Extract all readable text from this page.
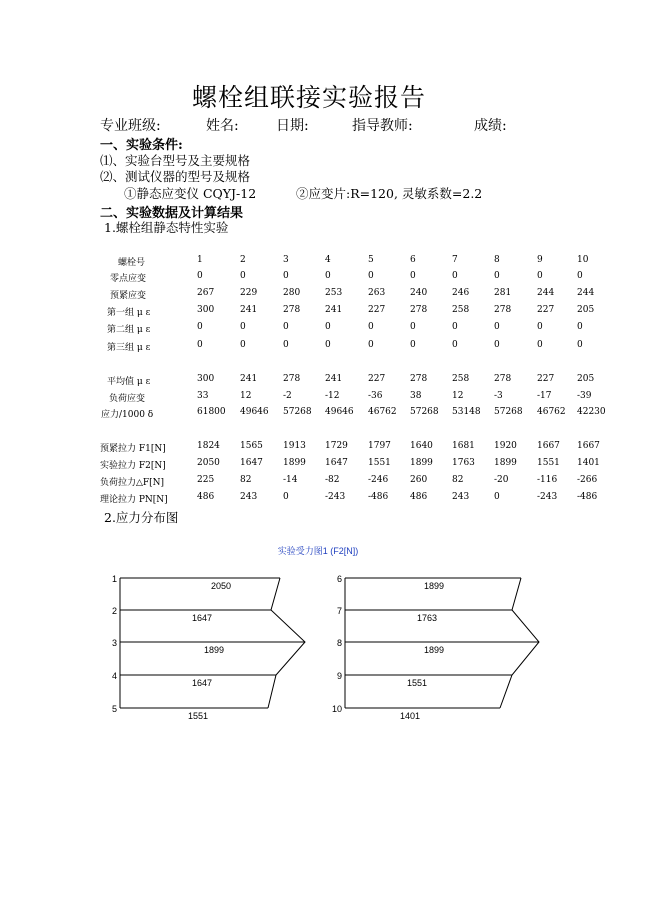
螺栓组联接实验报告
专业班级:	姓名:	日期:	指导教师:	成绩:
一、实验条件:
⑴、实验台型号及主要规格
⑵、测试仪器的型号及规格
①静态应变仪 CQYJ-12	②应变片:R=120, 灵敏系数=2.2
二、实验数据及计算结果
1.螺栓组静态特性实验
螺栓号	1	2	3	4	5	6	7	8	9	10
零点应变	0	0	0	0	0	0	0	0	0	0
预紧应变	267	229	280	253	263	240	246	281	244	244
第一组 μ ε	300	241	278	241	227	278	258	278	227	205
第二组 μ ε	0	0	0	0	0	0	0	0	0	0
第三组 μ ε	0	0	0	0	0	0	0	0	0	0
平均值 μ ε	300	241	278	241	227	278	258	278	227	205
负荷应变	33	12	-2	-12	-36	38	12	-3	-17	-39
应力/1000 δ	61800 49646 57268 49646 46762 57268 53148 57268 46762 42230
预紧拉力 F1[N]	1824 1565 1913 1729 1797 1640 1681 1920 1667 1667
实验拉力 F2[N]	2050 1647 1899 1647 1551 1899 1763 1899 1551 1401
负荷拉力△F[N]	225	82	-14	-82	-246 260	82	-20	-116 -266
理论拉力 PN[N]	486	243	0	-243	-486 486	243	0	-243 -486
2.应力分布图
实验受力图1 (F2[N])
1
2
3
4
5
2050
1647
1899
1647
1551
6
7
8
9
10
1899
1763
1899
1551
1401
